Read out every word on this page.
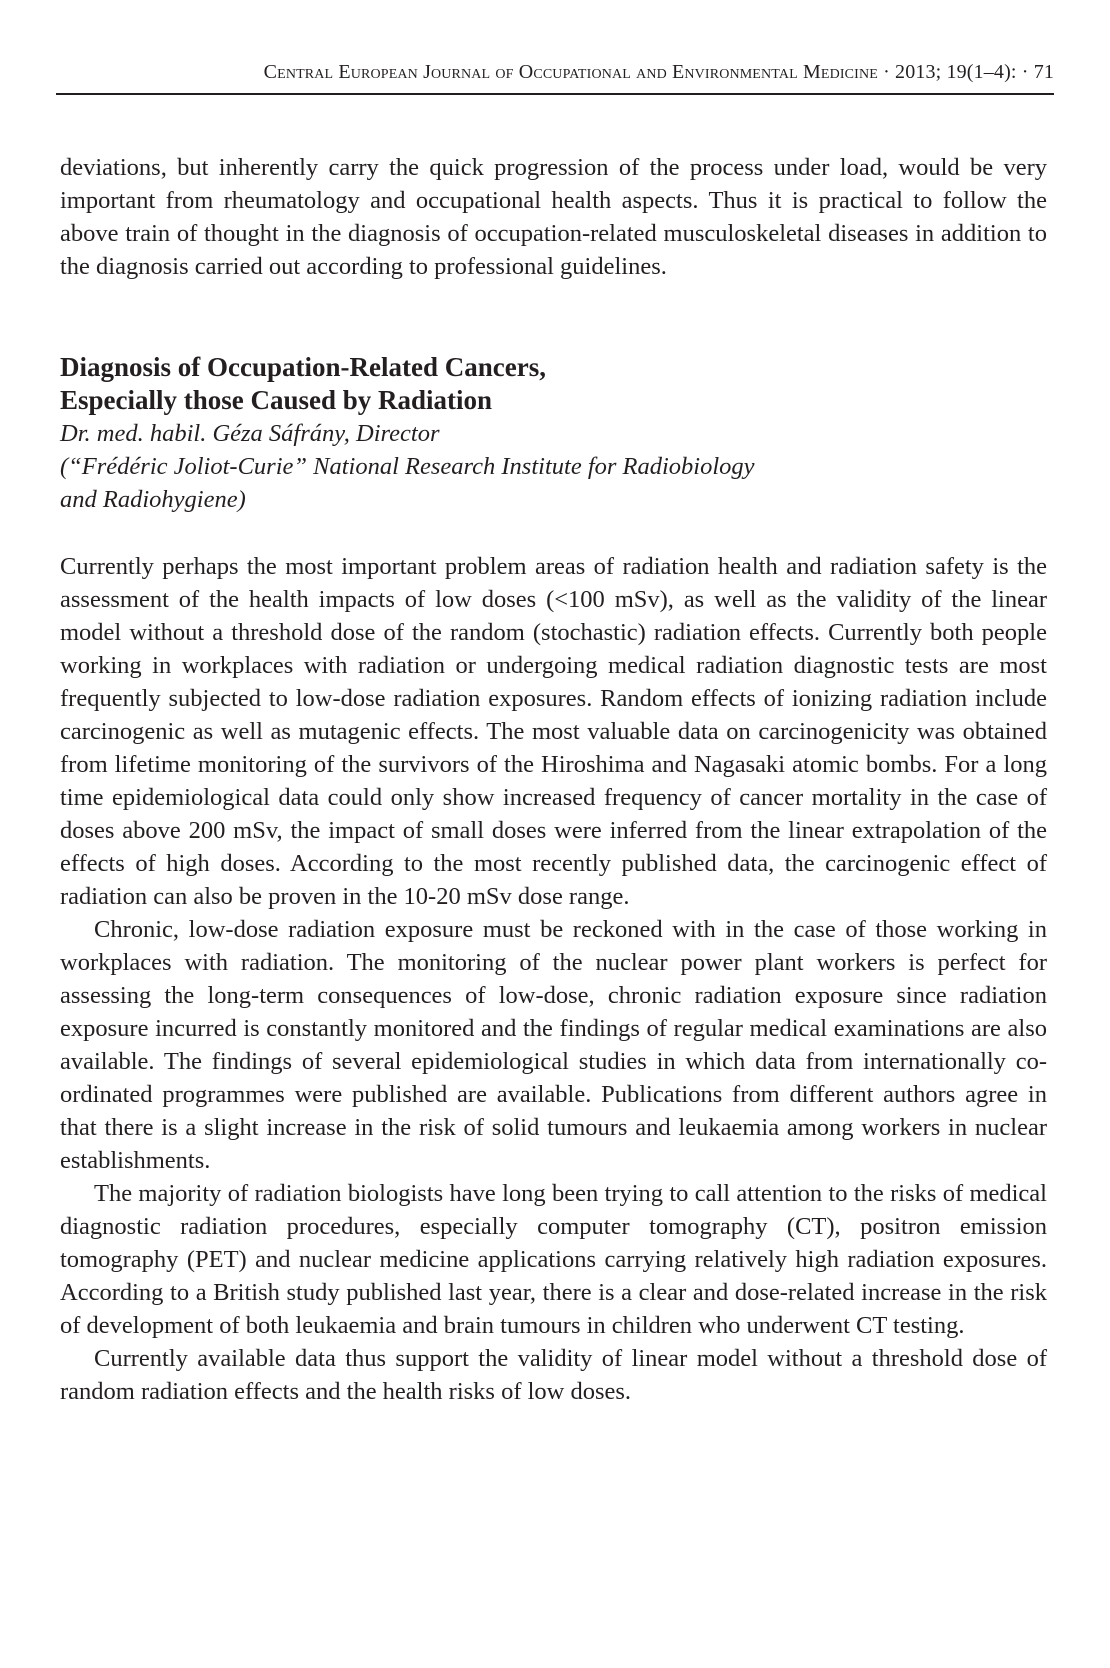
Central European Journal of Occupational and Environmental Medicine · 2013; 19(1–4): · 71

deviations, but inherently carry the quick progression of the process under load, would be very important from rheumatology and occupational health aspects. Thus it is practical to follow the above train of thought in the diagnosis of occupation-related musculoskeletal diseases in addition to the diagnosis carried out according to professional guidelines.

Diagnosis of Occupation-Related Cancers,
Especially those Caused by Radiation
Dr. med. habil. Géza Sáfrány, Director
(“Frédéric Joliot-Curie” National Research Institute for Radiobiology
and Radiohygiene)

Currently perhaps the most important problem areas of radiation health and radiation safety is the assessment of the health impacts of low doses (<100 mSv), as well as the validity of the linear model without a threshold dose of the random (stochastic) radiation effects. Currently both people working in workplaces with radiation or undergoing medical radiation diagnostic tests are most frequently subjected to low-dose radiation exposures. Random effects of ionizing radiation include carcinogenic as well as mutagenic effects. The most valuable data on carcinogenicity was obtained from lifetime monitoring of the survivors of the Hiroshima and Nagasaki atomic bombs. For a long time epidemiological data could only show increased frequency of cancer mortality in the case of doses above 200 mSv, the impact of small doses were inferred from the linear extrapolation of the effects of high doses. According to the most recently published data, the carcinogenic effect of radiation can also be proven in the 10-20 mSv dose range.

Chronic, low-dose radiation exposure must be reckoned with in the case of those working in workplaces with radiation. The monitoring of the nuclear power plant workers is perfect for assessing the long-term consequences of low-dose, chronic radiation exposure since radiation exposure incurred is constantly monitored and the findings of regular medical examinations are also available. The findings of several epidemiological studies in which data from internationally co-ordinated programmes were published are available. Publications from different authors agree in that there is a slight increase in the risk of solid tumours and leukaemia among workers in nuclear establishments.

The majority of radiation biologists have long been trying to call attention to the risks of medical diagnostic radiation procedures, especially computer tomography (CT), positron emission tomography (PET) and nuclear medicine applications carrying relatively high radiation exposures. According to a British study published last year, there is a clear and dose-related increase in the risk of development of both leukaemia and brain tumours in children who underwent CT testing.

Currently available data thus support the validity of linear model without a threshold dose of random radiation effects and the health risks of low doses.
